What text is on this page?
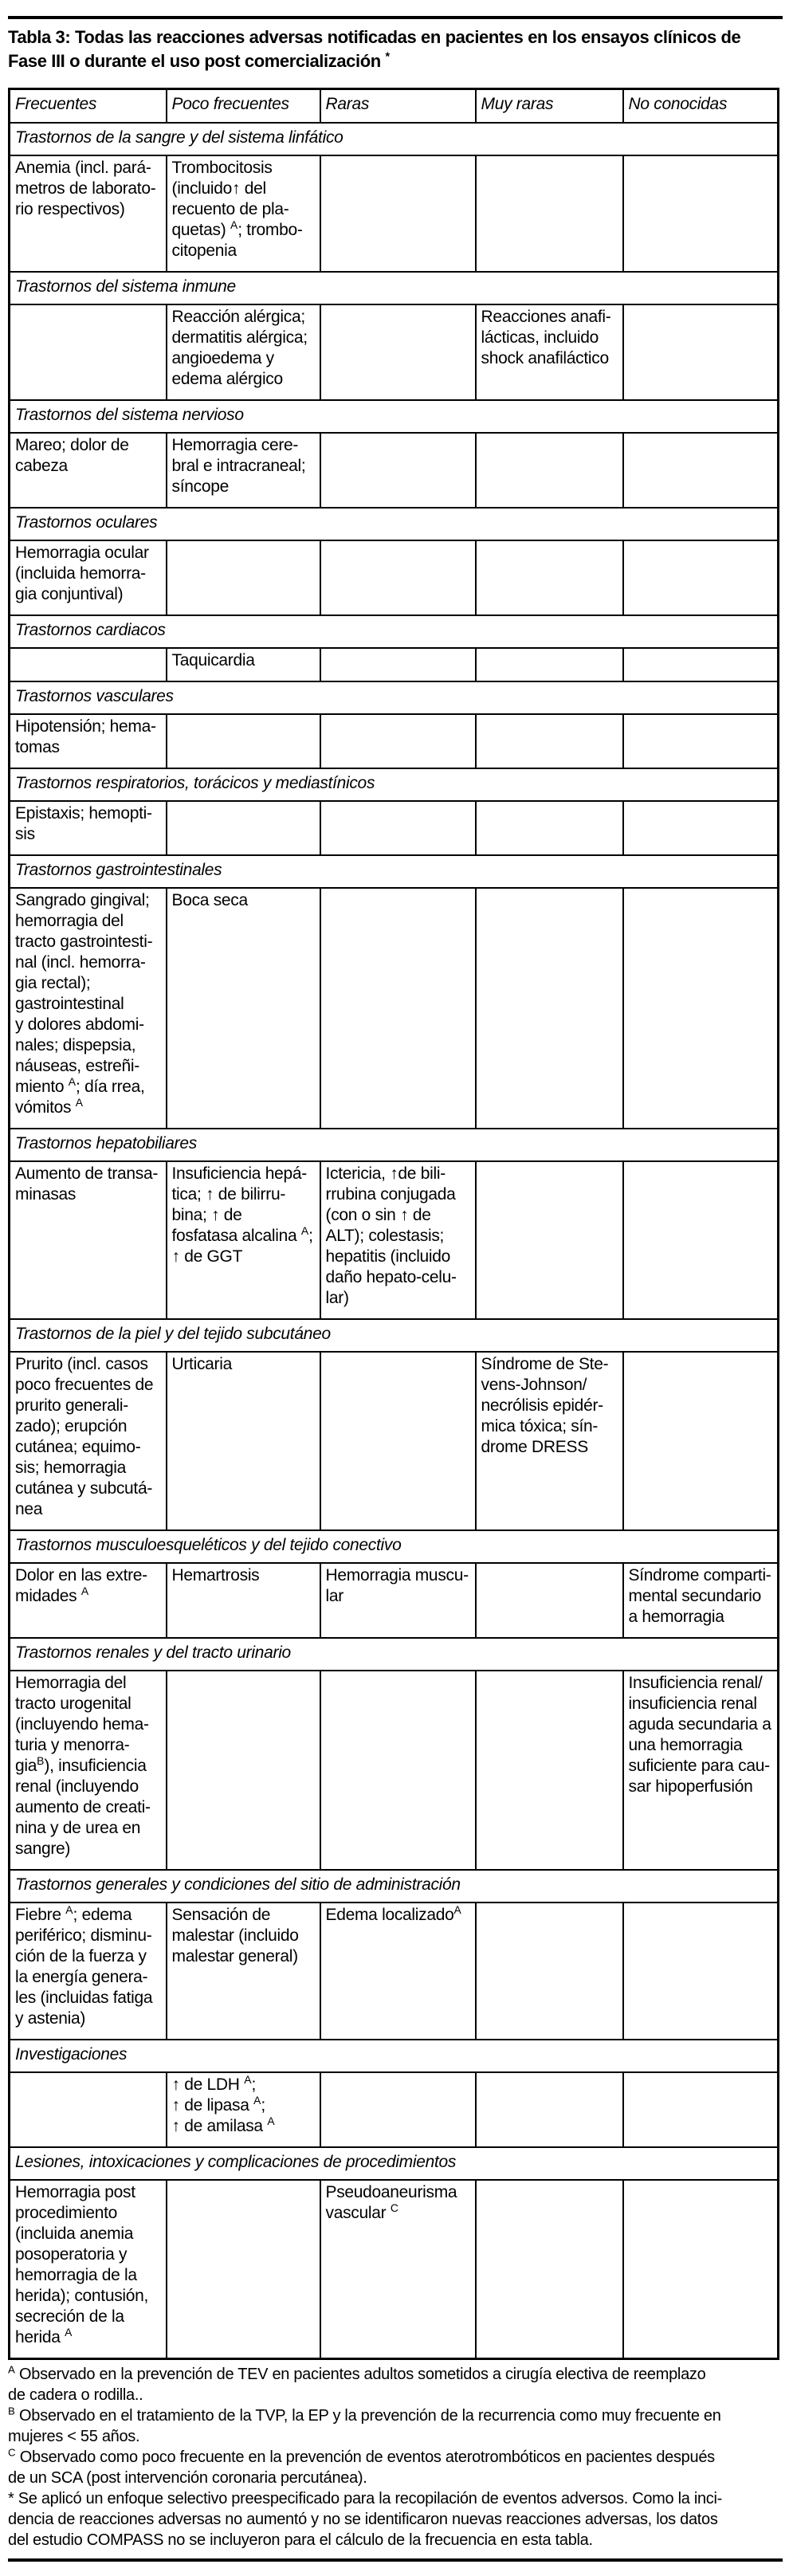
Tabla 3: Todas las reacciones adversas notificadas en pacientes en los ensayos clínicos de
Fase III o durante el uso post comercialización *
Frecuentes	Poco frecuentes	Raras	Muy raras	No conocidas
Trastornos de la sangre y del sistema linfático				
Anemia (incl. pará-
metros de laborato-
rio respectivos)	Trombocitosis
(incluido↑ del
recuento de pla-
quetas) $^A$; trombo-
citopenia			
Trastornos del sistema inmune				
	Reacción alérgica;
dermatitis alérgica;
angioedema y
edema alérgico		Reacciones anafi-
lácticas, incluido
shock anafiláctico	
Trastornos del sistema nervioso				
Mareo; dolor de
cabeza	Hemorragia cere-
bral e intracraneal;
síncope			
Trastornos oculares				
Hemorragia ocular
(incluida hemorra-
gia conjuntival)				
Trastornos cardiacos				
	Taquicardia			
Trastornos vasculares				
Hipotensión; hema-
tomas				
Trastornos respiratorios, torácicos y mediastínicos				
Epistaxis; hemopti-
sis				
Trastornos gastrointestinales				
Sangrado gingival;
hemorragia del
tracto gastrointesti-
nal (incl. hemorra-
gia rectal);
gastrointestinal
y dolores abdomi-
nales; dispepsia,
náuseas, estreñi-
miento $^A$; día rrea,
vómitos $^A$	Boca seca			
Trastornos hepatobiliares				
Aumento de transa-
minasas	Insuficiencia hepá-
tica; ↑ de bilirru-
bina; ↑ de
fosfatasa alcalina $^A$;
↑ de GGT	Ictericia, ↑de bili-
rrubina conjugada
(con o sin ↑ de
ALT); colestasis;
hepatitis (incluido
daño hepato-celu-
lar)		
Trastornos de la piel y del tejido subcutáneo				
Prurito (incl. casos
poco frecuentes de
prurito generali-
zado); erupción
cutánea; equimo-
sis; hemorragia
cutánea y subcutá-
nea	Urticaria		Síndrome de Ste-
vens-Johnson/
necrólisis epidér-
mica tóxica; sín-
drome DRESS	
Trastornos musculoesqueléticos y del tejido conectivo				
Dolor en las extre-
midades $^A$	Hemartrosis	Hemorragia muscu-
lar		Síndrome comparti-
mental secundario
a hemorragia
Trastornos renales y del tracto urinario				
Hemorragia del
tracto urogenital
(incluyendo hema-
turia y menorra-
gia$^B$), insuficiencia
renal (incluyendo
aumento de creati-
nina y de urea en
sangre)				Insuficiencia renal/
insuficiencia renal
aguda secundaria a
una hemorragia
suficiente para cau-
sar hipoperfusión
Trastornos generales y condiciones del sitio de administración				
Fiebre $^A$; edema
periférico; disminu-
ción de la fuerza y
la energía genera-
les (incluidas fatiga
y astenia)	Sensación de
malestar (incluido
malestar general)	Edema localizado$^A$		
Investigaciones				
	↑ de LDH $^A$;
↑ de lipasa $^A$;
↑ de amilasa $^A$			
Lesiones, intoxicaciones y complicaciones de procedimientos				
Hemorragia post
procedimiento
(incluida anemia
posoperatoria y
hemorragia de la
herida); contusión,
secreción de la
herida $^A$		Pseudoaneurisma
vascular $^C$		

$^A$ Observado en la prevención de TEV en pacientes adultos sometidos a cirugía electiva de reemplazo
de cadera o rodilla..

$^B$ Observado en el tratamiento de la TVP, la EP y la prevención de la recurrencia como muy frecuente en
mujeres < 55 años.

$^C$ Observado como poco frecuente en la prevención de eventos aterotrombóticos en pacientes después
de un SCA (post intervención coronaria percutánea).

* Se aplicó un enfoque selectivo preespecificado para la recopilación de eventos adversos. Como la inci-
dencia de reacciones adversas no aumentó y no se identificaron nuevas reacciones adversas, los datos
del estudio COMPASS no se incluyeron para el cálculo de la frecuencia en esta tabla.
